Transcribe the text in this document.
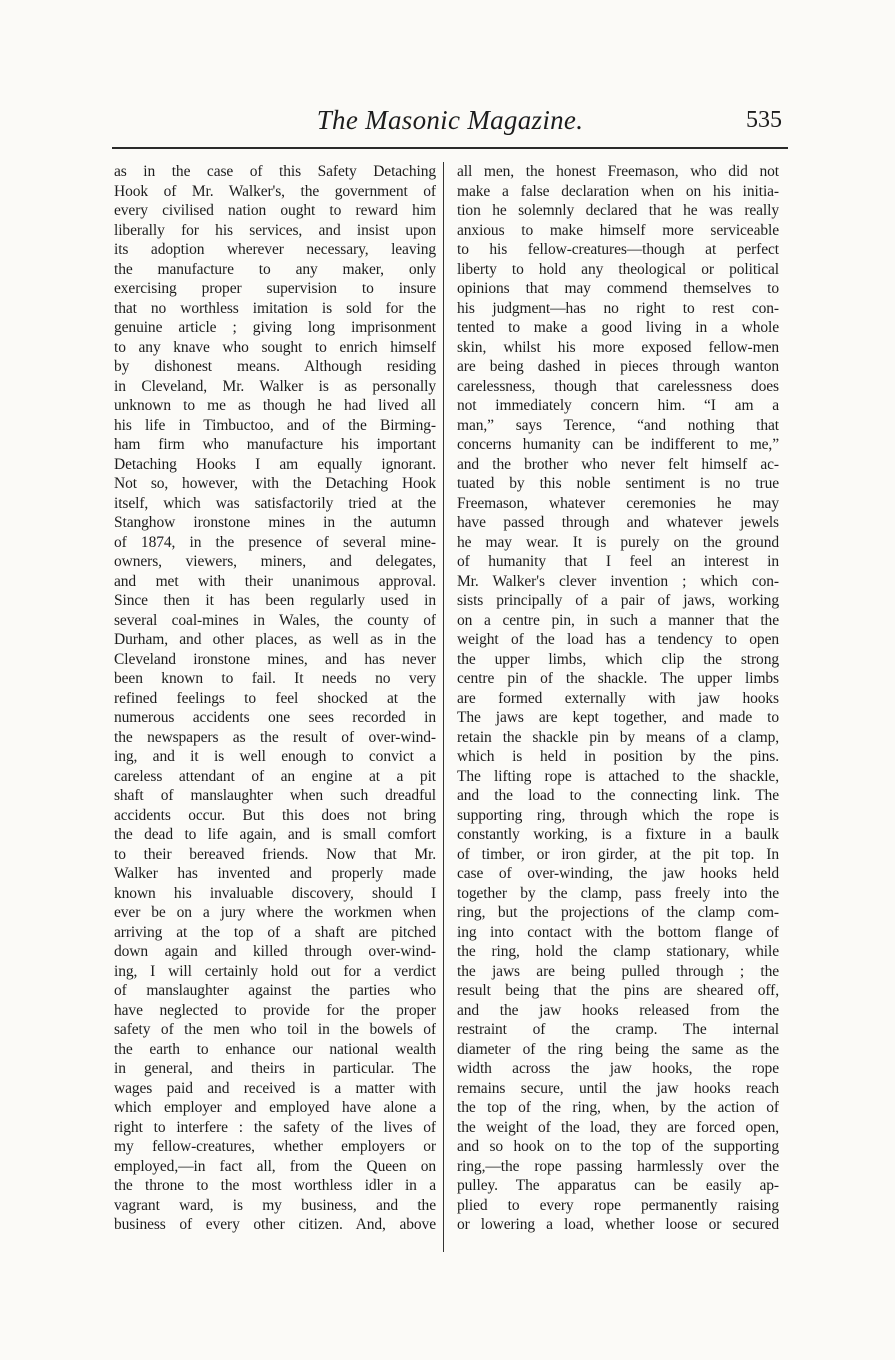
The Masonic Magazine.	535
as in the case of this Safety Detaching
Hook of Mr. Walker's, the government of
every civilised nation ought to reward him
liberally for his services, and insist upon
its adoption wherever necessary, leaving
the manufacture to any maker, only
exercising proper supervision to insure
that no worthless imitation is sold for the
genuine article ; giving long imprisonment
to any knave who sought to enrich himself
by dishonest means. Although residing
in Cleveland, Mr. Walker is as personally
unknown to me as though he had lived all
his life in Timbuctoo, and of the Birming-
ham firm who manufacture his important
Detaching Hooks I am equally ignorant.
Not so, however, with the Detaching Hook
itself, which was satisfactorily tried at the
Stanghow ironstone mines in the autumn
of 1874, in the presence of several mine-
owners, viewers, miners, and delegates,
and met with their unanimous approval.
Since then it has been regularly used in
several coal-mines in Wales, the county of
Durham, and other places, as well as in the
Cleveland ironstone mines, and has never
been known to fail. It needs no very
refined feelings to feel shocked at the
numerous accidents one sees recorded in
the newspapers as the result of over-wind-
ing, and it is well enough to convict a
careless attendant of an engine at a pit
shaft of manslaughter when such dreadful
accidents occur. But this does not bring
the dead to life again, and is small comfort
to their bereaved friends. Now that Mr.
Walker has invented and properly made
known his invaluable discovery, should I
ever be on a jury where the workmen when
arriving at the top of a shaft are pitched
down again and killed through over-wind-
ing, I will certainly hold out for a verdict
of manslaughter against the parties who
have neglected to provide for the proper
safety of the men who toil in the bowels of
the earth to enhance our national wealth
in general, and theirs in particular. The
wages paid and received is a matter with
which employer and employed have alone a
right to interfere : the safety of the lives of
my fellow-creatures, whether employers or
employed,—in fact all, from the Queen on
the throne to the most worthless idler in a
vagrant ward, is my business, and the
business of every other citizen. And, above
all men, the honest Freemason, who did not
make a false declaration when on his initia-
tion he solemnly declared that he was really
anxious to make himself more serviceable
to his fellow-creatures—though at perfect
liberty to hold any theological or political
opinions that may commend themselves to
his judgment—has no right to rest con-
tented to make a good living in a whole
skin, whilst his more exposed fellow-men
are being dashed in pieces through wanton
carelessness, though that carelessness does
not immediately concern him. “I am a
man,” says Terence, “and nothing that
concerns humanity can be indifferent to me,”
and the brother who never felt himself ac-
tuated by this noble sentiment is no true
Freemason, whatever ceremonies he may
have passed through and whatever jewels
he may wear. It is purely on the ground
of humanity that I feel an interest in
Mr. Walker's clever invention ; which con-
sists principally of a pair of jaws, working
on a centre pin, in such a manner that the
weight of the load has a tendency to open
the upper limbs, which clip the strong
centre pin of the shackle. The upper limbs
are formed externally with jaw hooks
The jaws are kept together, and made to
retain the shackle pin by means of a clamp,
which is held in position by the pins.
The lifting rope is attached to the shackle,
and the load to the connecting link. The
supporting ring, through which the rope is
constantly working, is a fixture in a baulk
of timber, or iron girder, at the pit top. In
case of over-winding, the jaw hooks held
together by the clamp, pass freely into the
ring, but the projections of the clamp com-
ing into contact with the bottom flange of
the ring, hold the clamp stationary, while
the jaws are being pulled through ; the
result being that the pins are sheared off,
and the jaw hooks released from the
restraint of the cramp. The internal
diameter of the ring being the same as the
width across the jaw hooks, the rope
remains secure, until the jaw hooks reach
the top of the ring, when, by the action of
the weight of the load, they are forced open,
and so hook on to the top of the supporting
ring,—the rope passing harmlessly over the
pulley. The apparatus can be easily ap-
plied to every rope permanently raising
or lowering a load, whether loose or secured
